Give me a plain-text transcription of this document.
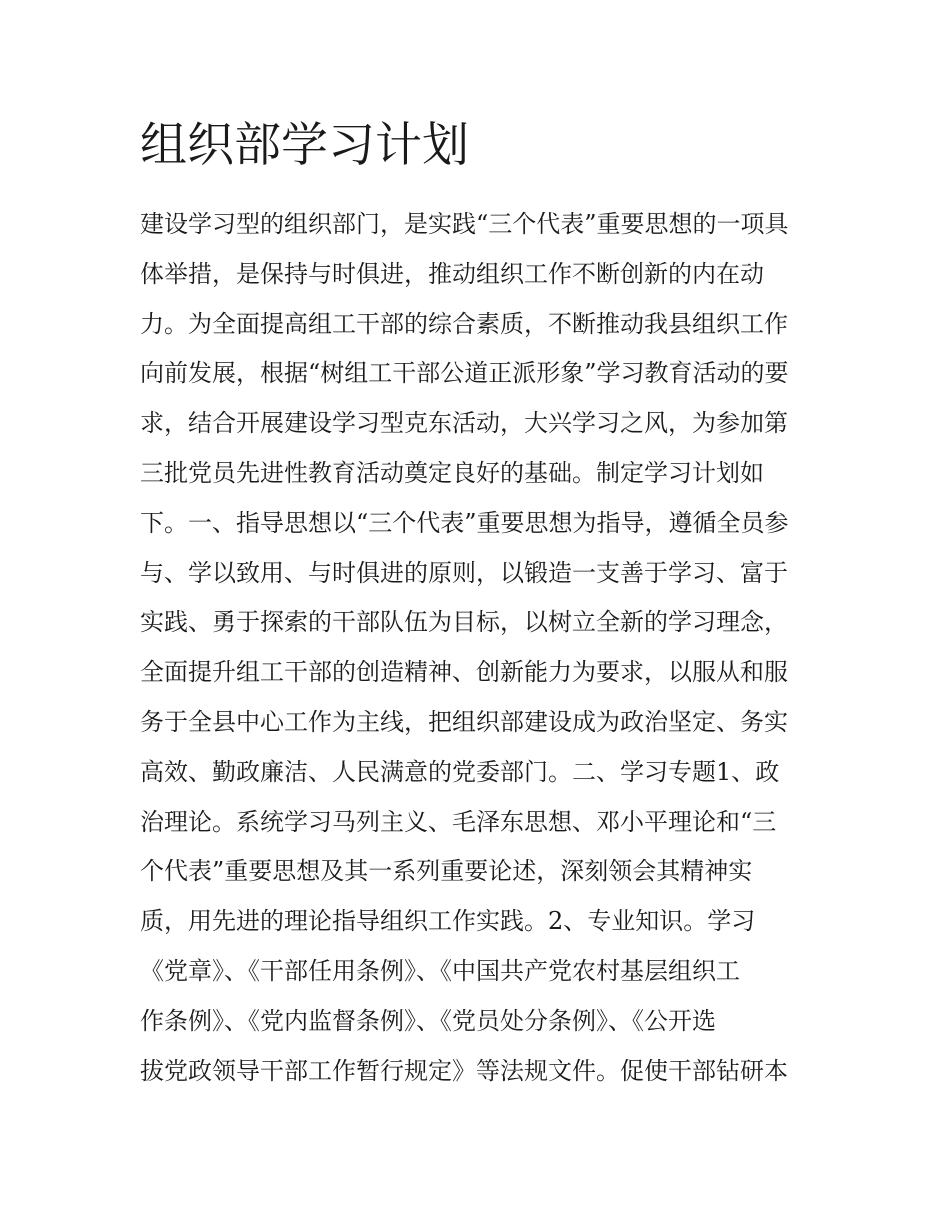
组织部学习计划
建设学习型的组织部门，是实践“三个代表”重要思想的一项具
体举措，是保持与时俱进，推动组织工作不断创新的内在动
力。为全面提高组工干部的综合素质，不断推动我县组织工作
向前发展，根据“树组工干部公道正派形象”学习教育活动的要
求，结合开展建设学习型克东活动，大兴学习之风，为参加第
三批党员先进性教育活动奠定良好的基础。制定学习计划如
下。一、指导思想以“三个代表”重要思想为指导，遵循全员参
与、学以致用、与时俱进的原则，以锻造一支善于学习、富于
实践、勇于探索的干部队伍为目标，以树立全新的学习理念，
全面提升组工干部的创造精神、创新能力为要求，以服从和服
务于全县中心工作为主线，把组织部建设成为政治坚定、务实
高效、勤政廉洁、人民满意的党委部门。二、学习专题1、政
治理论。系统学习马列主义、毛泽东思想、邓小平理论和“三
个代表”重要思想及其一系列重要论述，深刻领会其精神实
质，用先进的理论指导组织工作实践。2、专业知识。学习
《党章》、《干部任用条例》、《中国共产党农村基层组织工
作条例》、《党内监督条例》、《党员处分条例》、《公开选
拔党政领导干部工作暂行规定》等法规文件。促使干部钻研本
